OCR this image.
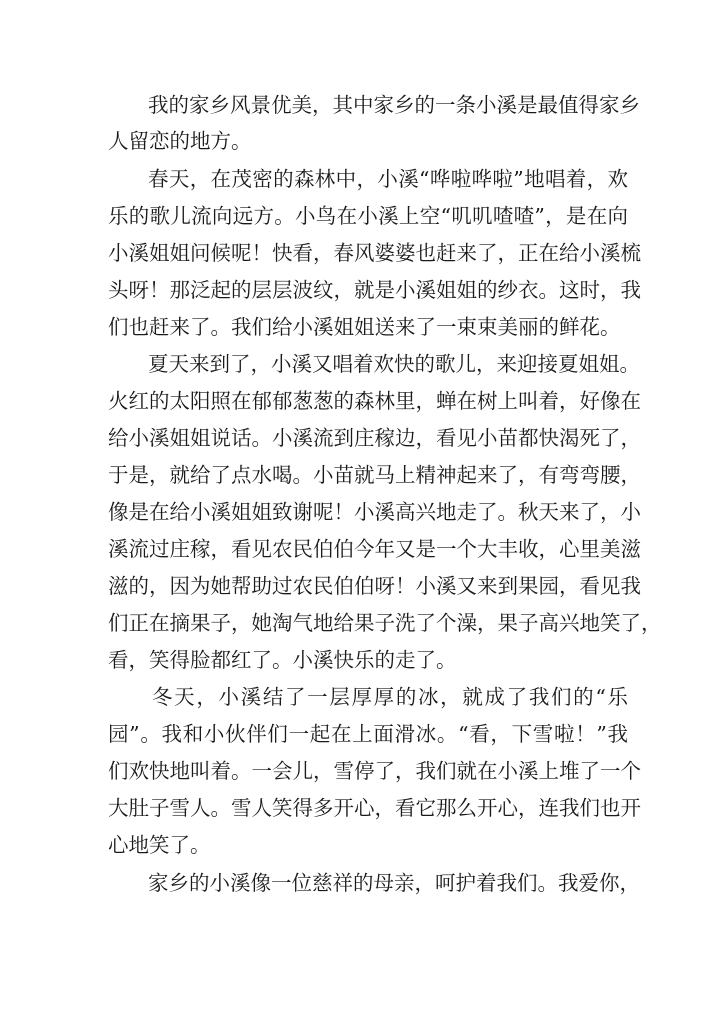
我的家乡风景优美，其中家乡的一条小溪是最值得家乡
人留恋的地方。
春天，在茂密的森林中，小溪“哗啦哗啦”地唱着，欢
乐的歌儿流向远方。小鸟在小溪上空“叽叽喳喳”，是在向
小溪姐姐问候呢！快看，春风婆婆也赶来了，正在给小溪梳
头呀！那泛起的层层波纹，就是小溪姐姐的纱衣。这时，我
们也赶来了。我们给小溪姐姐送来了一束束美丽的鲜花。
夏天来到了，小溪又唱着欢快的歌儿，来迎接夏姐姐。
火红的太阳照在郁郁葱葱的森林里，蝉在树上叫着，好像在
给小溪姐姐说话。小溪流到庄稼边，看见小苗都快渴死了，
于是，就给了点水喝。小苗就马上精神起来了，有弯弯腰，
像是在给小溪姐姐致谢呢！小溪高兴地走了。秋天来了，小
溪流过庄稼，看见农民伯伯今年又是一个大丰收，心里美滋
滋的，因为她帮助过农民伯伯呀！小溪又来到果园，看见我
们正在摘果子，她淘气地给果子洗了个澡，果子高兴地笑了，
看，笑得脸都红了。小溪快乐的走了。
冬天，小溪结了一层厚厚的冰，就成了我们的“乐
园”。我和小伙伴们一起在上面滑冰。“看，下雪啦！”我
们欢快地叫着。一会儿，雪停了，我们就在小溪上堆了一个
大肚子雪人。雪人笑得多开心，看它那么开心，连我们也开
心地笑了。
家乡的小溪像一位慈祥的母亲，呵护着我们。我爱你，
